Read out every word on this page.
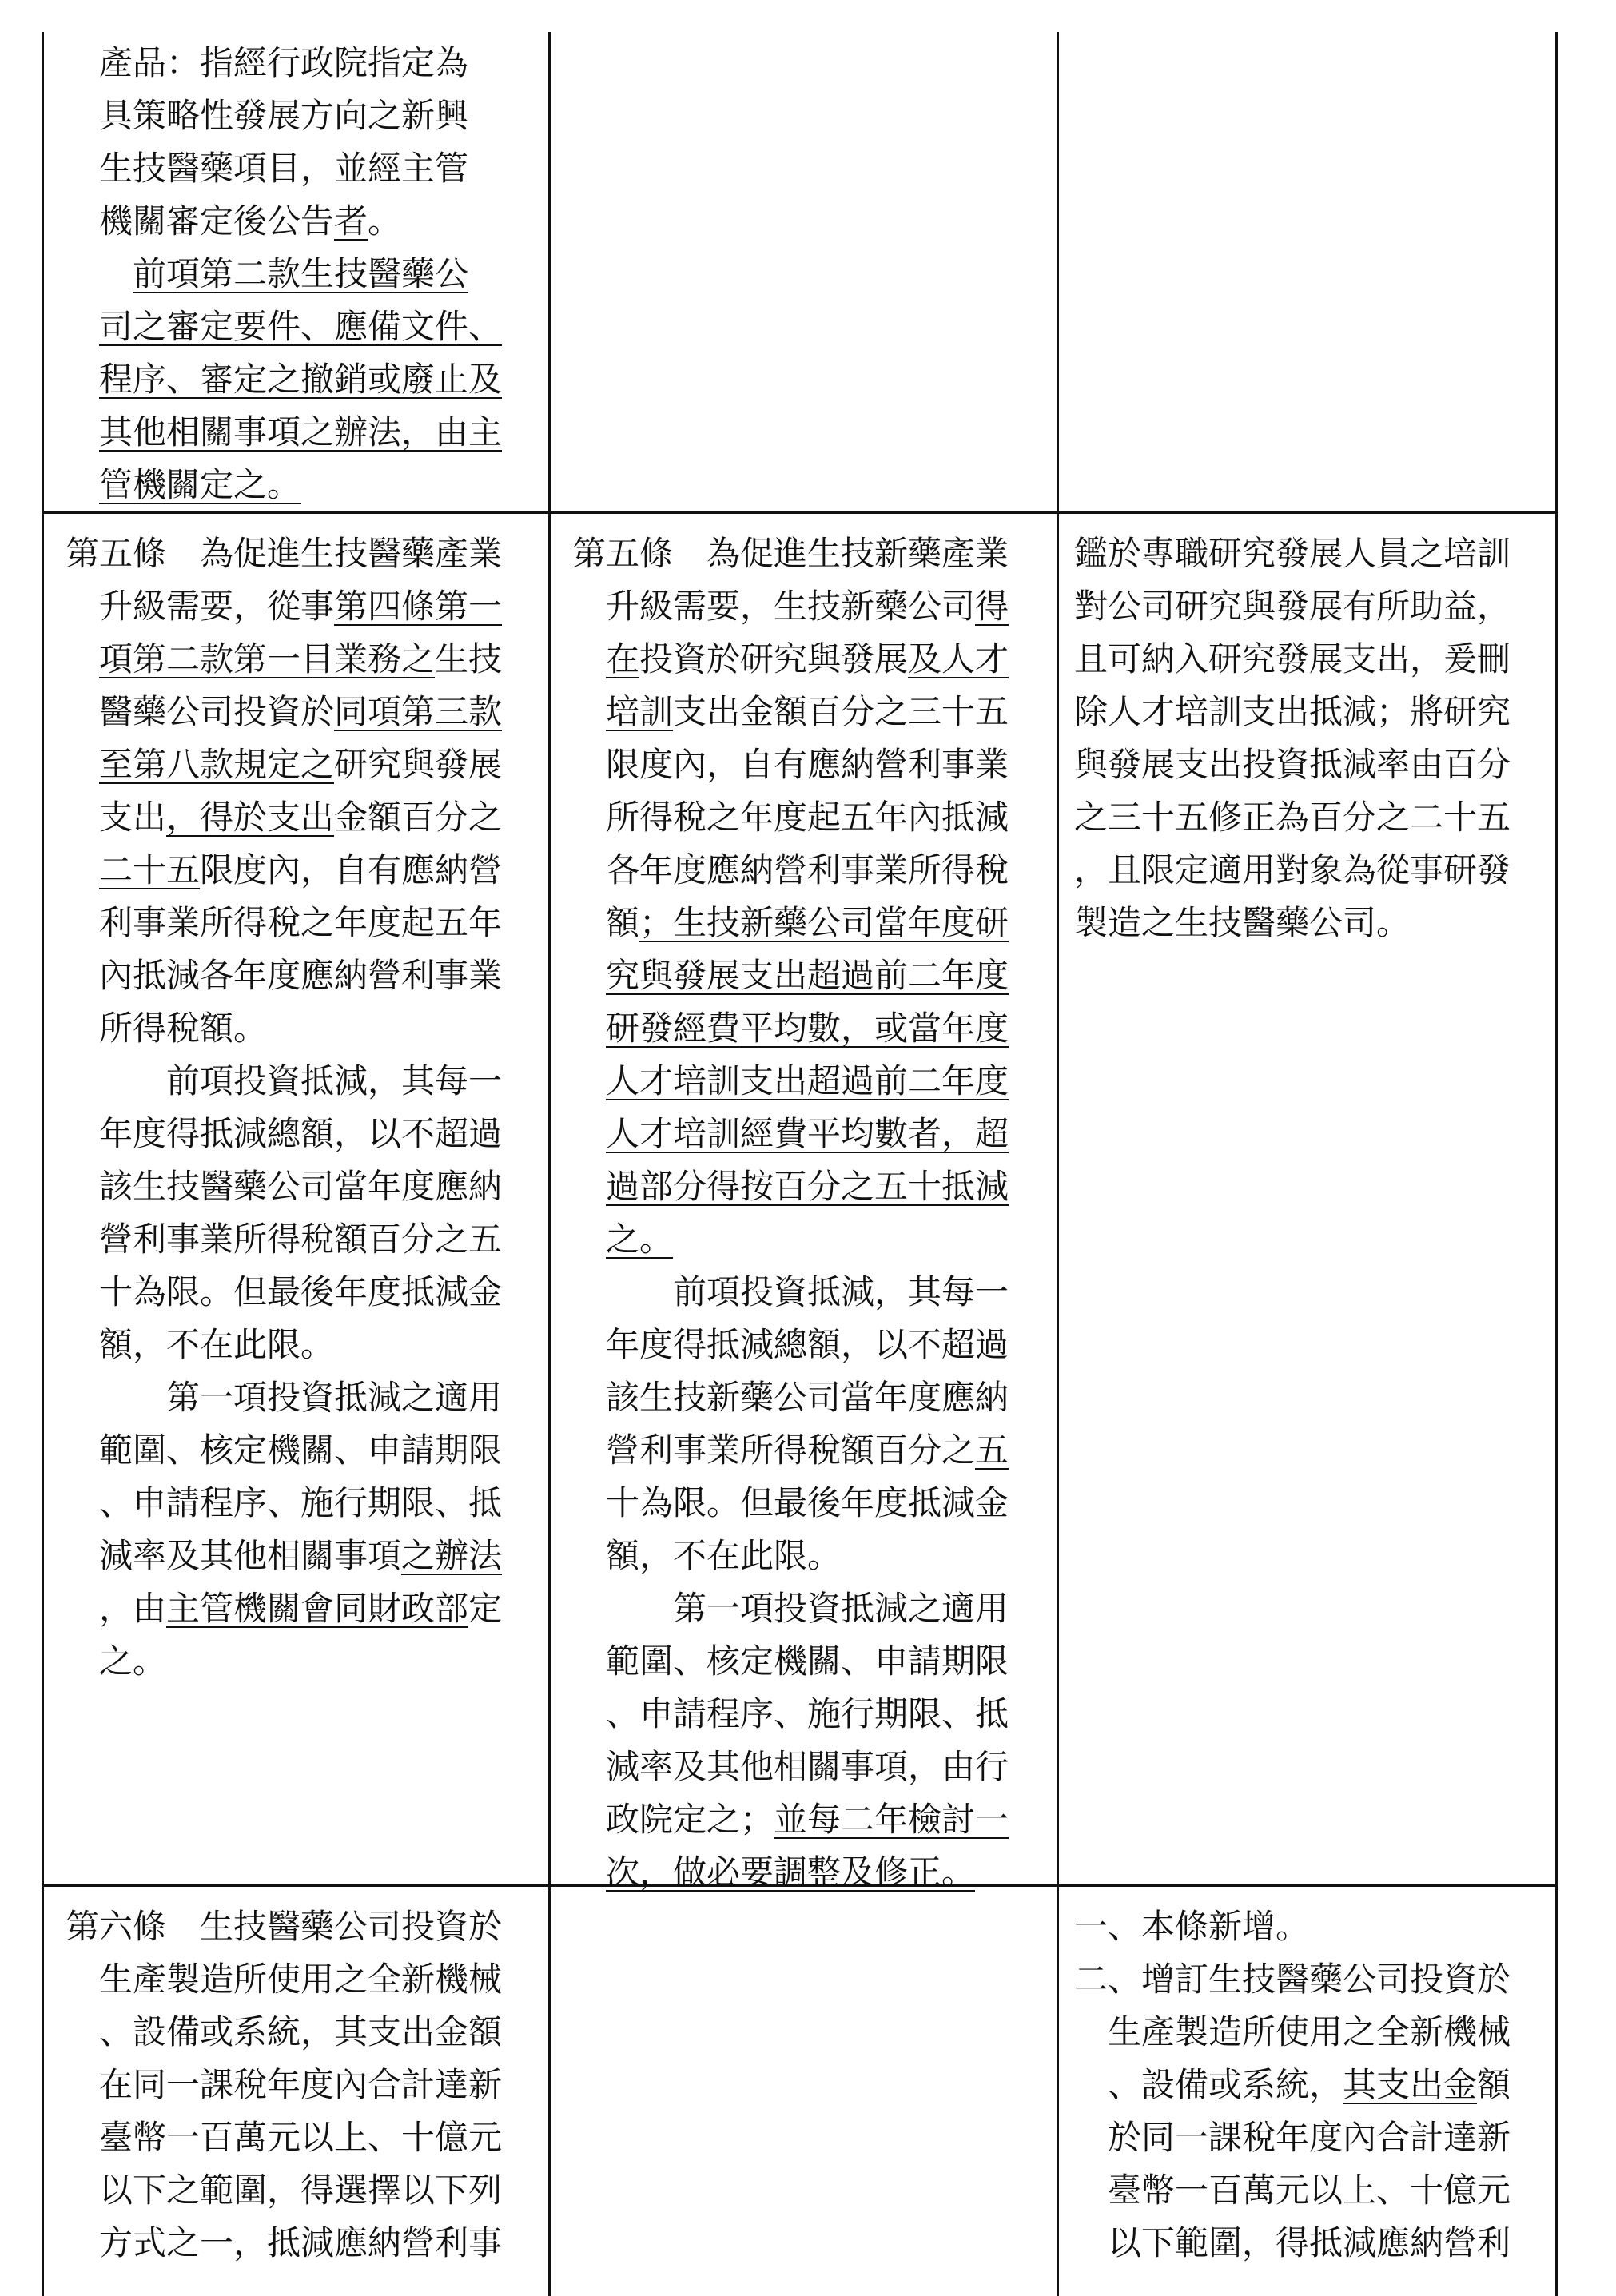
產品：指經行政院指定為
具策略性發展方向之新興
生技醫藥項目，並經主管
機關審定後公告者。

前項第二款生技醫藥公
司之審定要件、應備文件、
程序、審定之撤銷或廢止及
其他相關事項之辦法，由主
管機關定之。

第五條　 為促進生技醫藥產業
升級需要，從事第四條第一
項第二款第一目業務之生技
醫藥公司投資於同項第三款
至第八款規定之研究與發展
支出，得於支出金額百分之
二十五限度內，自有應納營
利事業所得稅之年度起五年
內抵減各年度應納營利事業
所得稅額。

前項投資抵減，其每一
年度得抵減總額，以不超過
該生技醫藥公司當年度應納
營利事業所得稅額百分之五
十為限。但最後年度抵減金
額，不在此限。

第一項投資抵減之適用
範圍、核定機關、申請期限
、申請程序、施行期限、抵
減率及其他相關事項之辦法
，由主管機關會同財政部定
之。

第五條　 為促進生技新藥產業
升級需要，生技新藥公司得
在投資於研究與發展及人才
培訓支出金額百分之三十五
限度內，自有應納營利事業
所得稅之年度起五年內抵減
各年度應納營利事業所得稅
額；生技新藥公司當年度研
究與發展支出超過前二年度
研發經費平均數，或當年度
人才培訓支出超過前二年度
人才培訓經費平均數者，超
過部分得按百分之五十抵減
之。

前項投資抵減，其每一
年度得抵減總額，以不超過
該生技新藥公司當年度應納
營利事業所得稅額百分之五
十為限。但最後年度抵減金
額，不在此限。

第一項投資抵減之適用
範圍、核定機關、申請期限
、申請程序、施行期限、抵
減率及其他相關事項，由行
政院定之；並每二年檢討一
次，做必要調整及修正。

鑑於專職研究發展人員之培訓
對公司研究與發展有所助益，
且可納入研究發展支出，爰刪
除人才培訓支出抵減；將研究
與發展支出投資抵減率由百分
之三十五修正為百分之二十五
，且限定適用對象為從事研發
製造之生技醫藥公司。

第六條　 生技醫藥公司投資於
生產製造所使用之全新機械
、設備或系統，其支出金額
在同一課稅年度內合計達新
臺幣一百萬元以上、十億元
以下之範圍，得選擇以下列
方式之一，抵減應納營利事

一、本條新增。

二、增訂生技醫藥公司投資於
生產製造所使用之全新機械
、設備或系統，其支出金額
於同一課稅年度內合計達新
臺幣一百萬元以上、十億元
以下範圍，得抵減應納營利
